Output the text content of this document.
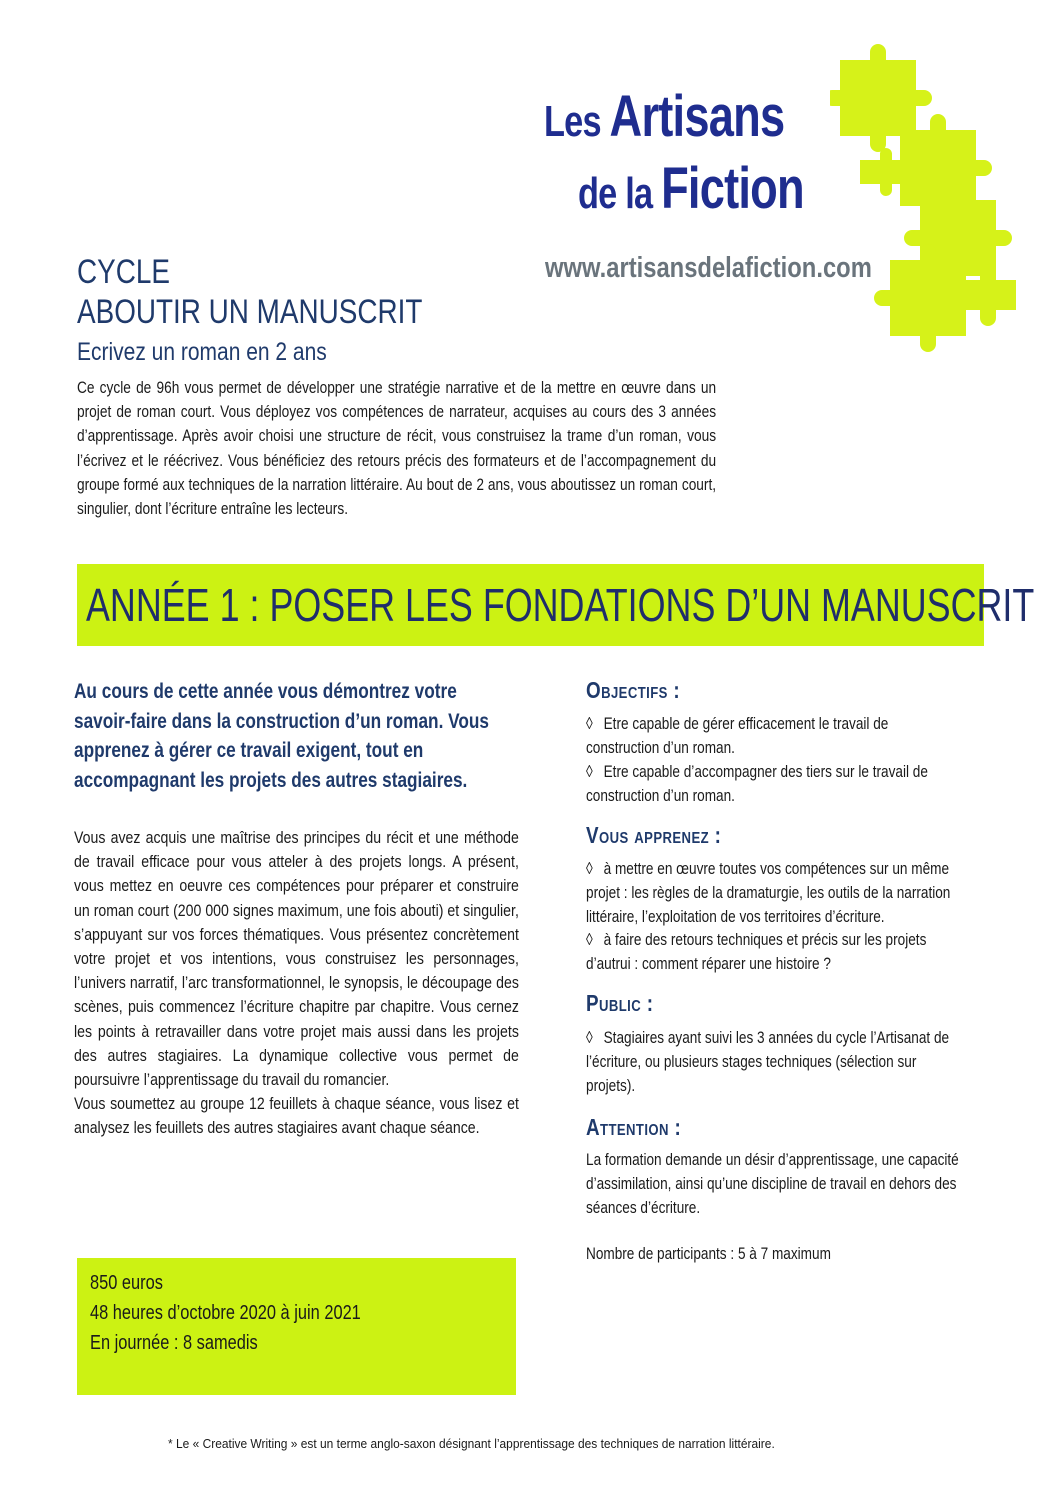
Les Artisans
de la Fiction
www.artisansdelafiction.com
CYCLE
ABOUTIR UN MANUSCRIT
Ecrivez un roman en 2 ans
Ce cycle de 96h vous permet de développer une stratégie narrative et de la mettre en œuvre dans un projet de roman court. Vous déployez vos compétences de narrateur, acquises au cours des 3 années d’apprentissage. Après avoir choisi une structure de récit, vous construisez la trame d’un roman, vous l’écrivez et le réécrivez. Vous bénéficiez des retours précis des formateurs et de l’accompagnement du groupe formé aux techniques de la narration littéraire. Au bout de 2 ans, vous aboutissez un roman court, singulier, dont l’écriture entraîne les lecteurs.
ANNÉE 1 : POSER LES FONDATIONS D’UN MANUSCRIT
Au cours de cette année vous démontrez votre savoir-faire dans la construction d’un roman. Vous apprenez à gérer ce travail exigent, tout en accompagnant les projets des autres stagiaires.
Vous avez acquis une maîtrise des principes du récit et une méthode de travail efficace pour vous atteler à des projets longs. A présent, vous mettez en oeuvre ces compétences pour préparer et construire un roman court (200 000 signes maximum, une fois abouti) et singulier, s’appuyant sur vos forces thématiques. Vous présentez concrètement votre projet et vos intentions, vous construisez les personnages, l’univers narratif, l’arc transformationnel, le synopsis, le découpage des scènes, puis commencez l’écriture chapitre par chapitre. Vous cernez les points à retravailler dans votre projet mais aussi dans les projets des autres stagiaires. La dynamique collective vous permet de poursuivre l’apprentissage du travail du romancier.
Vous soumettez au groupe 12 feuillets à chaque séance, vous lisez et analysez les feuillets des autres stagiaires avant chaque séance.
850 euros
48 heures d’octobre 2020 à juin 2021
En journée : 8 samedis
Objectifs :
◊ Etre capable de gérer efficacement le travail de construction d’un roman.
◊ Etre capable d’accompagner des tiers sur le travail de construction d’un roman.
Vous apprenez :
◊ à mettre en œuvre toutes vos compétences sur un même projet : les règles de la dramaturgie, les outils de la narration littéraire, l’exploitation de vos territoires d’écriture.
◊ à faire des retours techniques et précis sur les projets d’autrui : comment réparer une histoire ?
Public :
◊ Stagiaires ayant suivi les 3 années du cycle l’Artisanat de l’écriture, ou plusieurs stages techniques (sélection sur projets).
Attention :
La formation demande un désir d’apprentissage, une capacité d’assimilation, ainsi qu’une discipline de travail en dehors des séances d’écriture.
Nombre de participants : 5 à 7 maximum
* Le « Creative Writing » est un terme anglo-saxon désignant l’apprentissage des techniques de narration littéraire.
